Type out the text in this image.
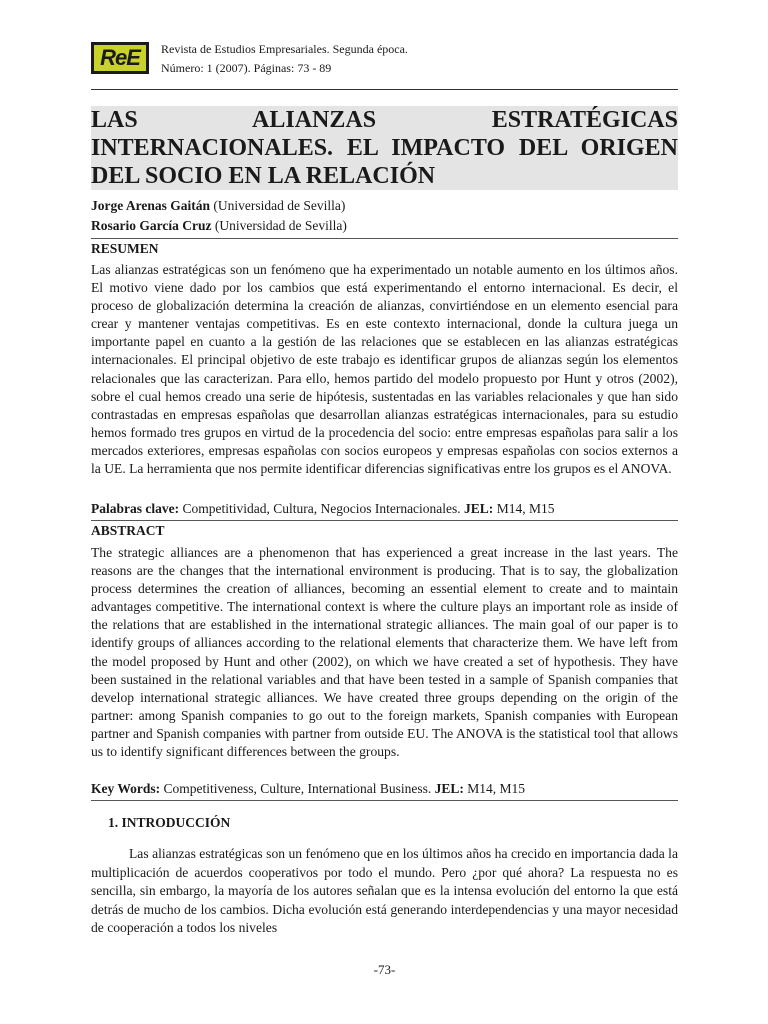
ReE	Revista de Estudios Empresariales. Segunda época.
Número: 1 (2007). Páginas: 73 - 89

LAS ALIANZAS ESTRATÉGICAS INTERNACIONALES. EL IMPACTO DEL ORIGEN DEL SOCIO EN LA RELACIÓN

Jorge Arenas Gaitán (Universidad de Sevilla)
Rosario García Cruz (Universidad de Sevilla)
RESUMEN
Las alianzas estratégicas son un fenómeno que ha experimentado un notable aumento en los últimos años. El motivo viene dado por los cambios que está experimentando el entorno internacional. Es decir, el proceso de globalización determina la creación de alianzas, convirtiéndose en un elemento esencial para crear y mantener ventajas competitivas. Es en este contexto internacional, donde la cultura juega un importante papel en cuanto a la gestión de las relaciones que se establecen en las alianzas estratégicas internacionales. El principal objetivo de este trabajo es identificar grupos de alianzas según los elementos relacionales que las caracterizan. Para ello, hemos partido del modelo propuesto por Hunt y otros (2002), sobre el cual hemos creado una serie de hipótesis, sustentadas en las variables relacionales y que han sido contrastadas en empresas españolas que desarrollan alianzas estratégicas internacionales, para su estudio hemos formado tres grupos en virtud de la procedencia del socio: entre empresas españolas para salir a los mercados exteriores, empresas españolas con socios europeos y empresas españolas con socios externos a la UE. La herramienta que nos permite identificar diferencias significativas entre los grupos es el ANOVA.
Palabras clave: Competitividad, Cultura, Negocios Internacionales. JEL: M14, M15
ABSTRACT
The strategic alliances are a phenomenon that has experienced a great increase in the last years. The reasons are the changes that the international environment is producing. That is to say, the globalization process determines the creation of alliances, becoming an essential element to create and to maintain advantages competitive. The international context is where the culture plays an important role as inside of the relations that are established in the international strategic alliances. The main goal of our paper is to identify groups of alliances according to the relational elements that characterize them. We have left from the model proposed by Hunt and other (2002), on which we have created a set of hypothesis. They have been sustained in the relational variables and that have been tested in a sample of Spanish companies that develop international strategic alliances. We have created three groups depending on the origin of the partner: among Spanish companies to go out to the foreign markets, Spanish companies with European partner and Spanish companies with partner from outside EU. The ANOVA is the statistical tool that allows us to identify significant differences between the groups.
Key Words: Competitiveness, Culture, International Business. JEL: M14, M15
1. INTRODUCCIÓN
Las alianzas estratégicas son un fenómeno que en los últimos años ha crecido en importancia dada la multiplicación de acuerdos cooperativos por todo el mundo. Pero ¿por qué ahora? La respuesta no es sencilla, sin embargo, la mayoría de los autores señalan que es la intensa evolución del entorno la que está detrás de mucho de los cambios. Dicha evolución está generando interdependencias y una mayor necesidad de cooperación a todos los niveles
-73-
